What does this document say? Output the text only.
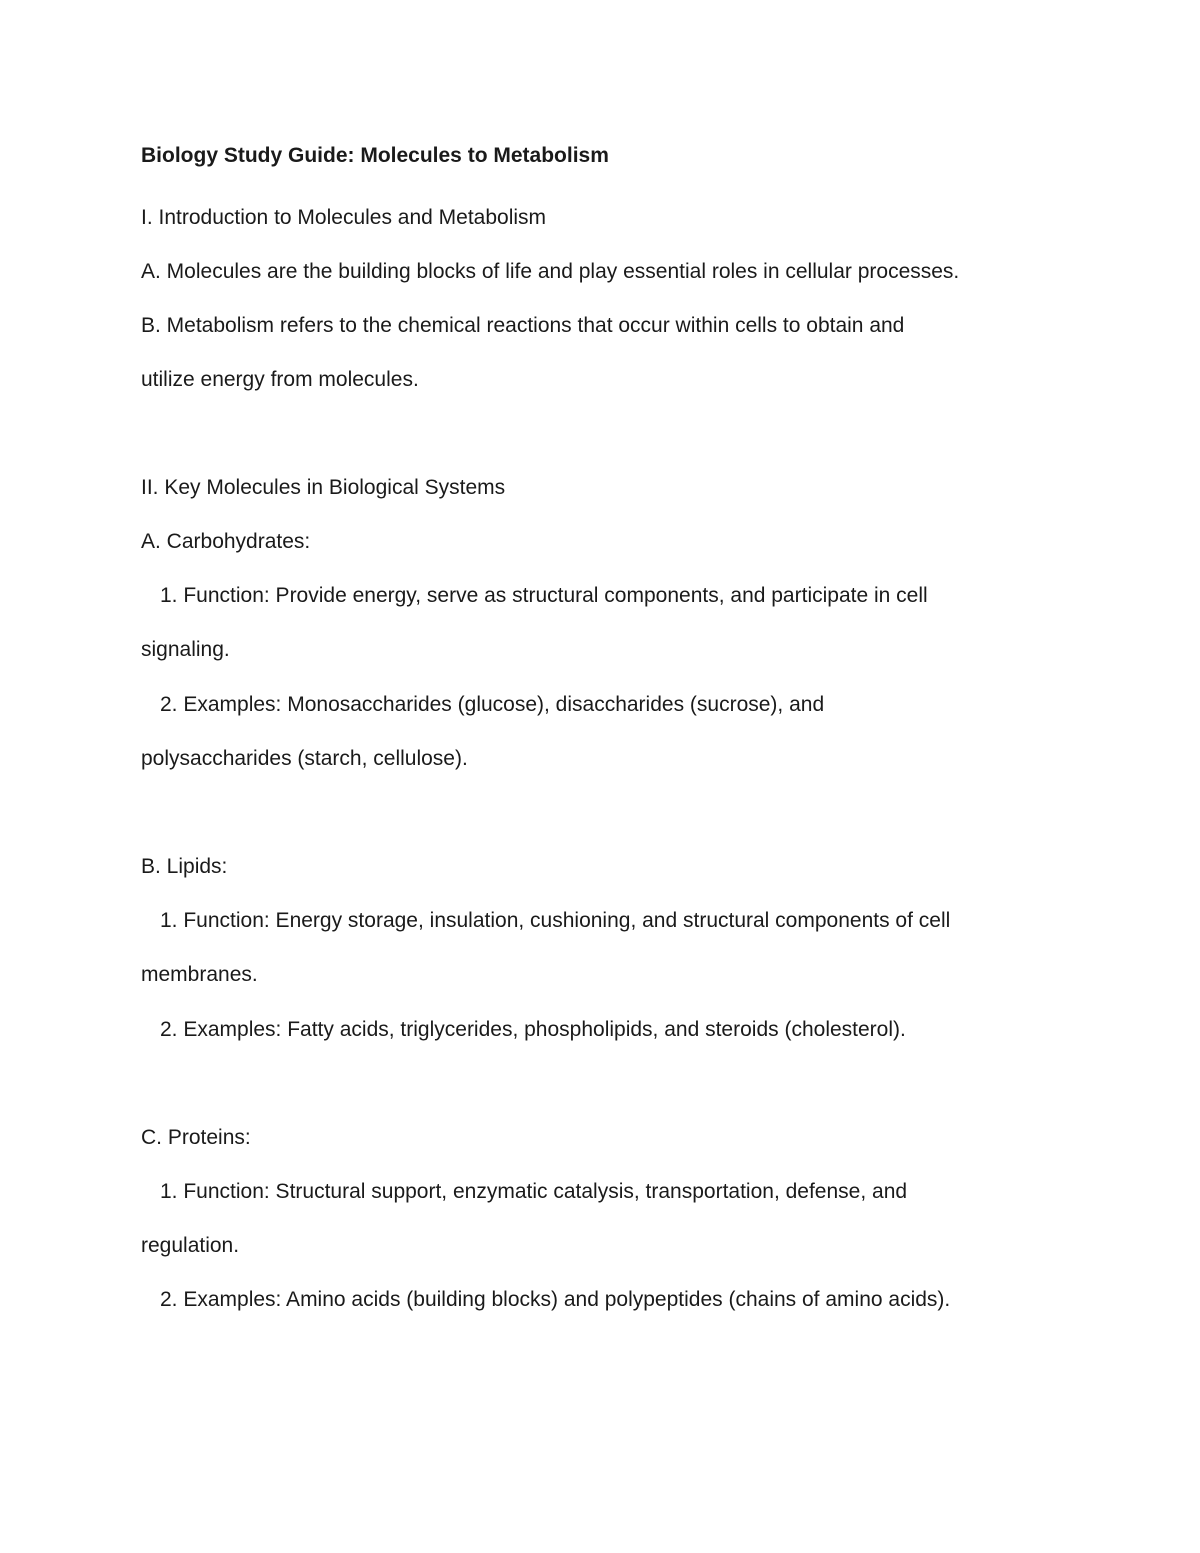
Biology Study Guide: Molecules to Metabolism
I. Introduction to Molecules and Metabolism
A. Molecules are the building blocks of life and play essential roles in cellular processes.
B. Metabolism refers to the chemical reactions that occur within cells to obtain and
utilize energy from molecules.
II. Key Molecules in Biological Systems
A. Carbohydrates:
1. Function: Provide energy, serve as structural components, and participate in cell
signaling.
2. Examples: Monosaccharides (glucose), disaccharides (sucrose), and
polysaccharides (starch, cellulose).
B. Lipids:
1. Function: Energy storage, insulation, cushioning, and structural components of cell
membranes.
2. Examples: Fatty acids, triglycerides, phospholipids, and steroids (cholesterol).
C. Proteins:
1. Function: Structural support, enzymatic catalysis, transportation, defense, and
regulation.
2. Examples: Amino acids (building blocks) and polypeptides (chains of amino acids).
